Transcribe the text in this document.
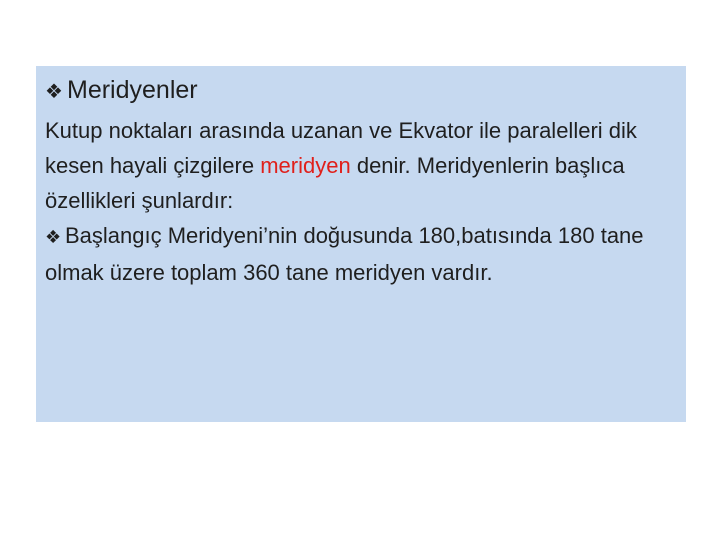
❖ Meridyenler

Kutup noktaları arasında uzanan ve Ekvator ile paralelleri dik kesen hayali çizgilere meridyen denir. Meridyenlerin başlıca özellikleri şunlardır:

❖ Başlangıç Meridyeni’nin doğusunda 180,batısında 180 tane olmak üzere toplam 360 tane meridyen vardır.
